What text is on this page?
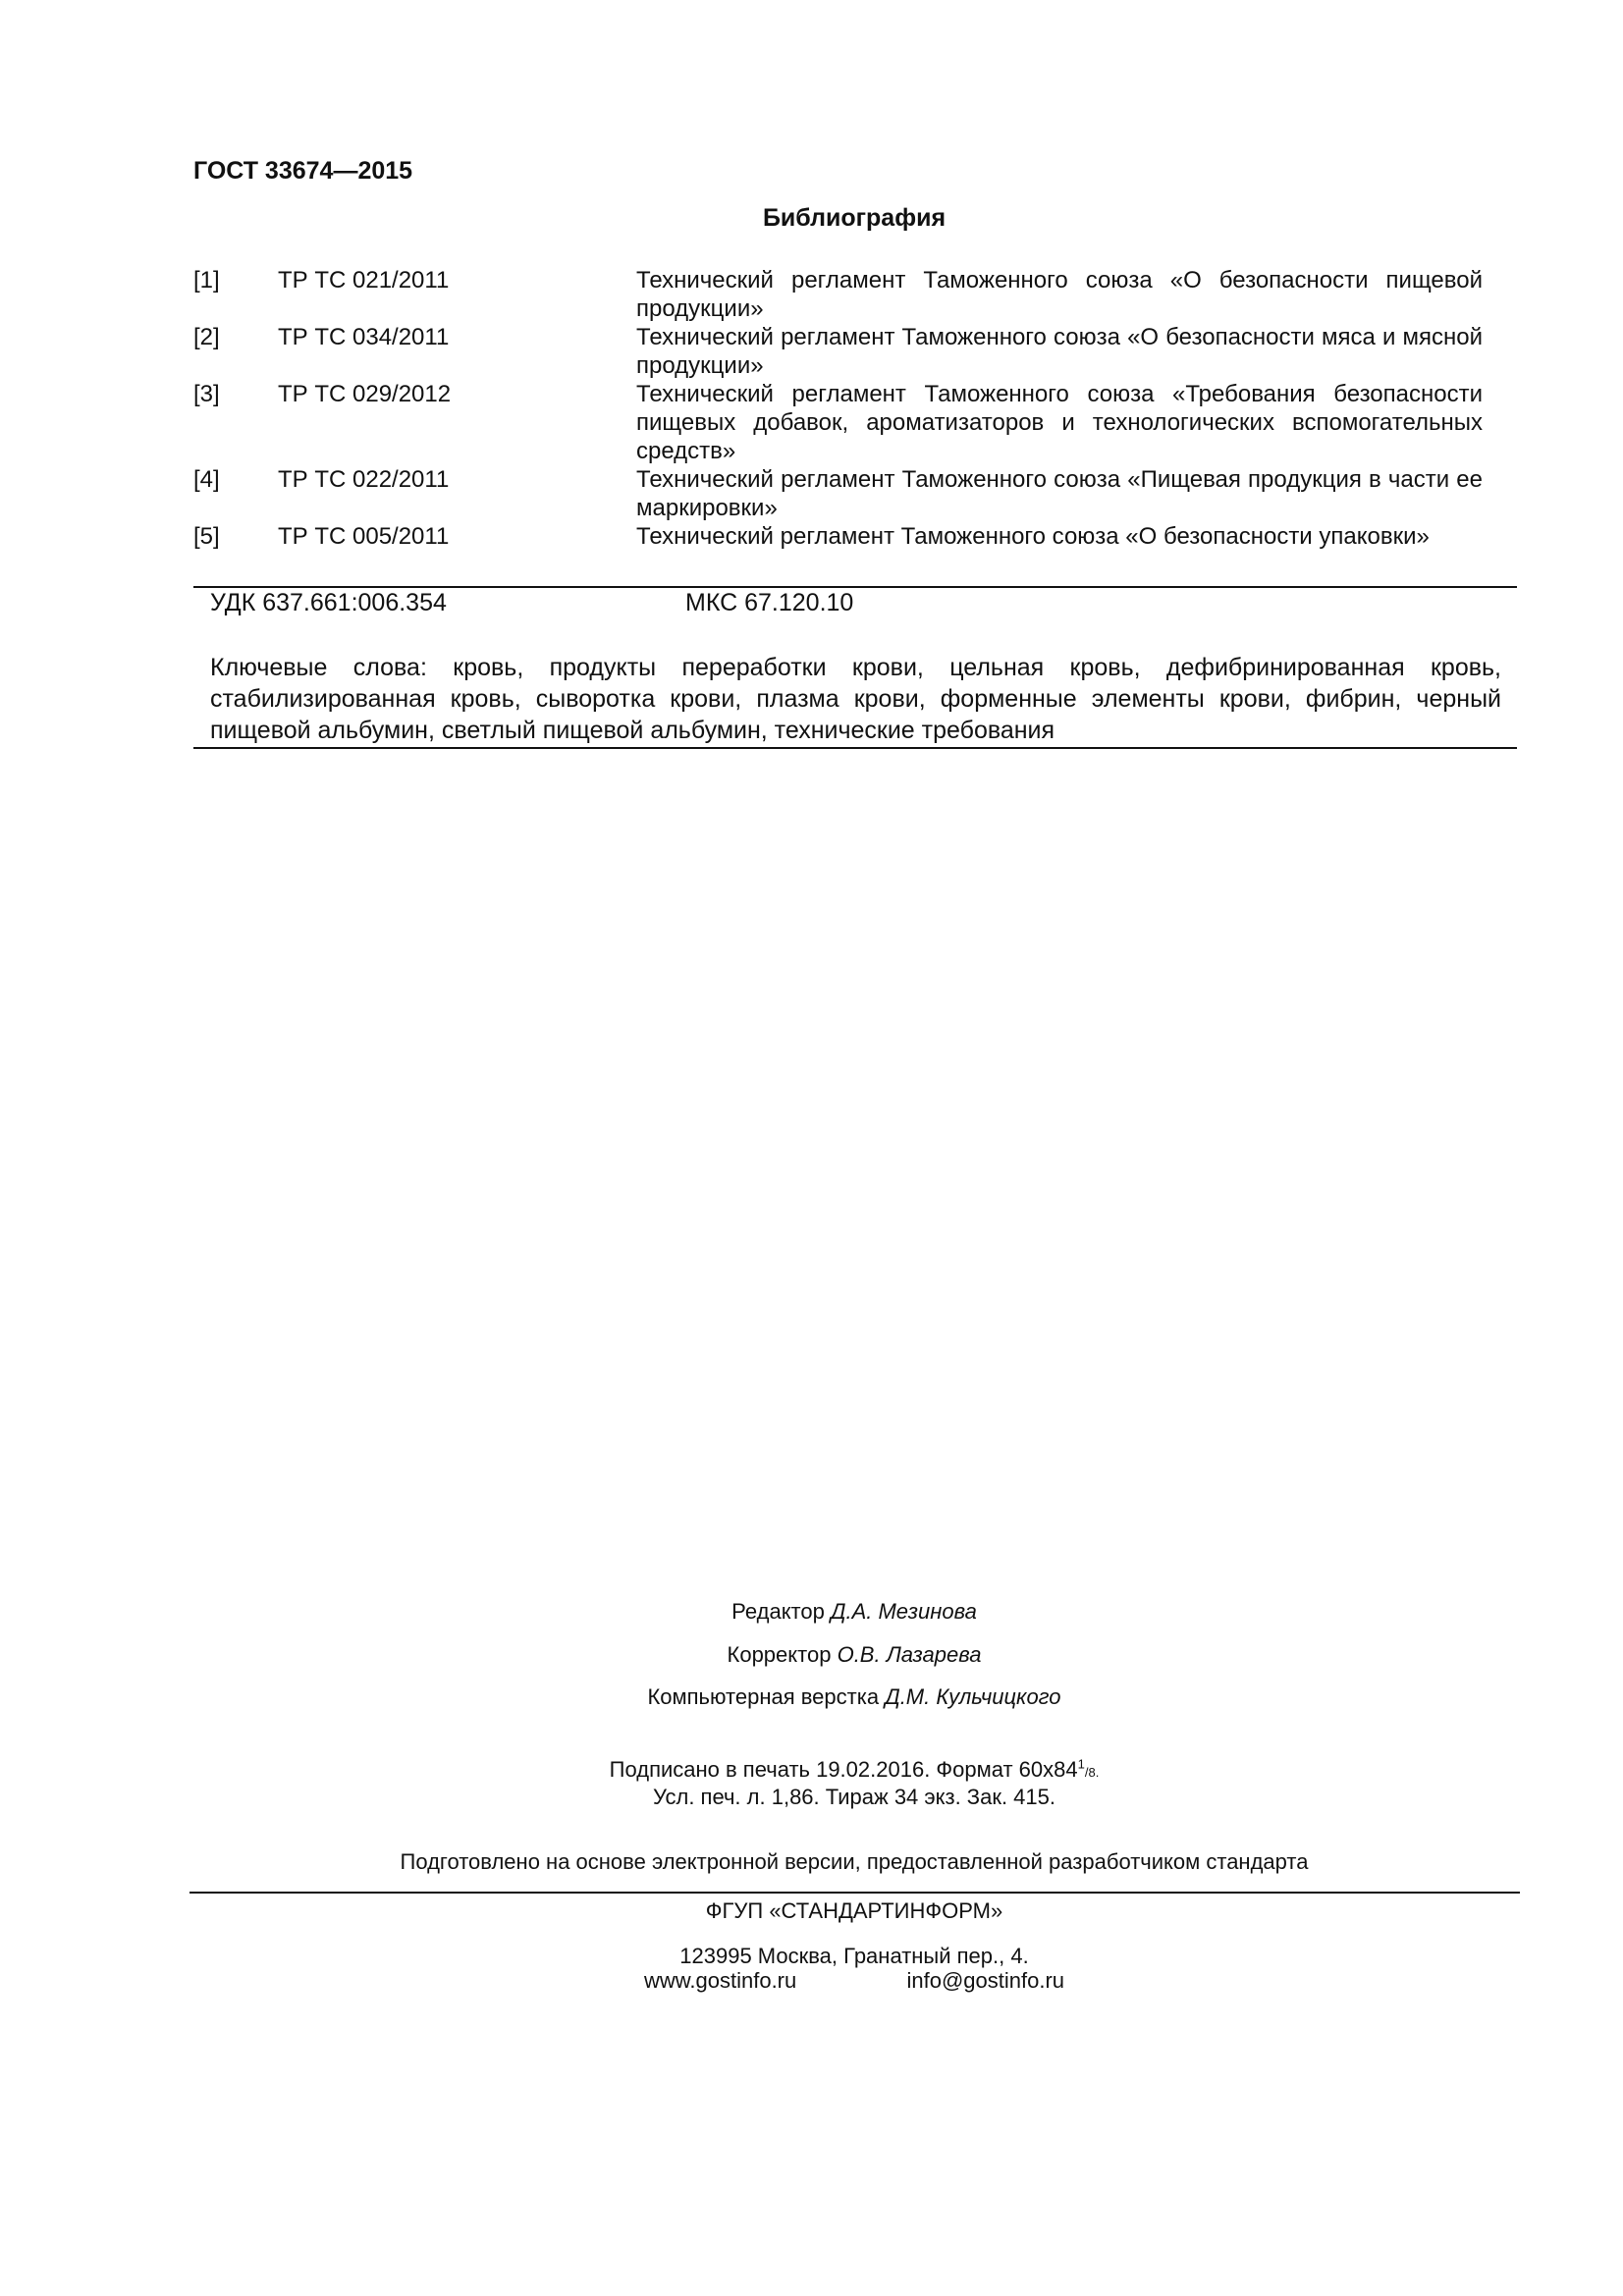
ГОСТ 33674—2015
Библиография
[1] ТР ТС 021/2011	Технический регламент Таможенного союза «О безопасности пищевой продукции»
[2] ТР ТС 034/2011	Технический регламент Таможенного союза «О безопасности мяса и мясной продукции»
[3] ТР ТС 029/2012	Технический регламент Таможенного союза «Требования безопасности пищевых добавок, ароматизаторов и технологических вспомогательных средств»
[4] ТР ТС 022/2011	Технический регламент Таможенного союза «Пищевая продукция в части ее маркировки»
[5] ТР ТС 005/2011	Технический регламент Таможенного союза «О безопасности упаковки»
УДК 637.661:006.354	МКС 67.120.10
Ключевые слова: кровь, продукты переработки крови, цельная кровь, дефибринированная кровь, стабилизированная кровь, сыворотка крови, плазма крови, форменные элементы крови, фибрин, черный пищевой альбумин, светлый пищевой альбумин, технические требования
Редактор Д.А. Мезинова
Корректор О.В. Лазарева
Компьютерная верстка Д.М. Кульчицкого
Подписано в печать 19.02.2016. Формат $60x84^1/8$.
Усл. печ. л. 1,86. Тираж 34 экз. Зак. 415.
Подготовлено на основе электронной версии, предоставленной разработчиком стандарта
ФГУП «СТАНДАРТИНФОРМ»
123995 Москва, Гранатный пер., 4.
www.gostinfo.ru	info@gostinfo.ru
